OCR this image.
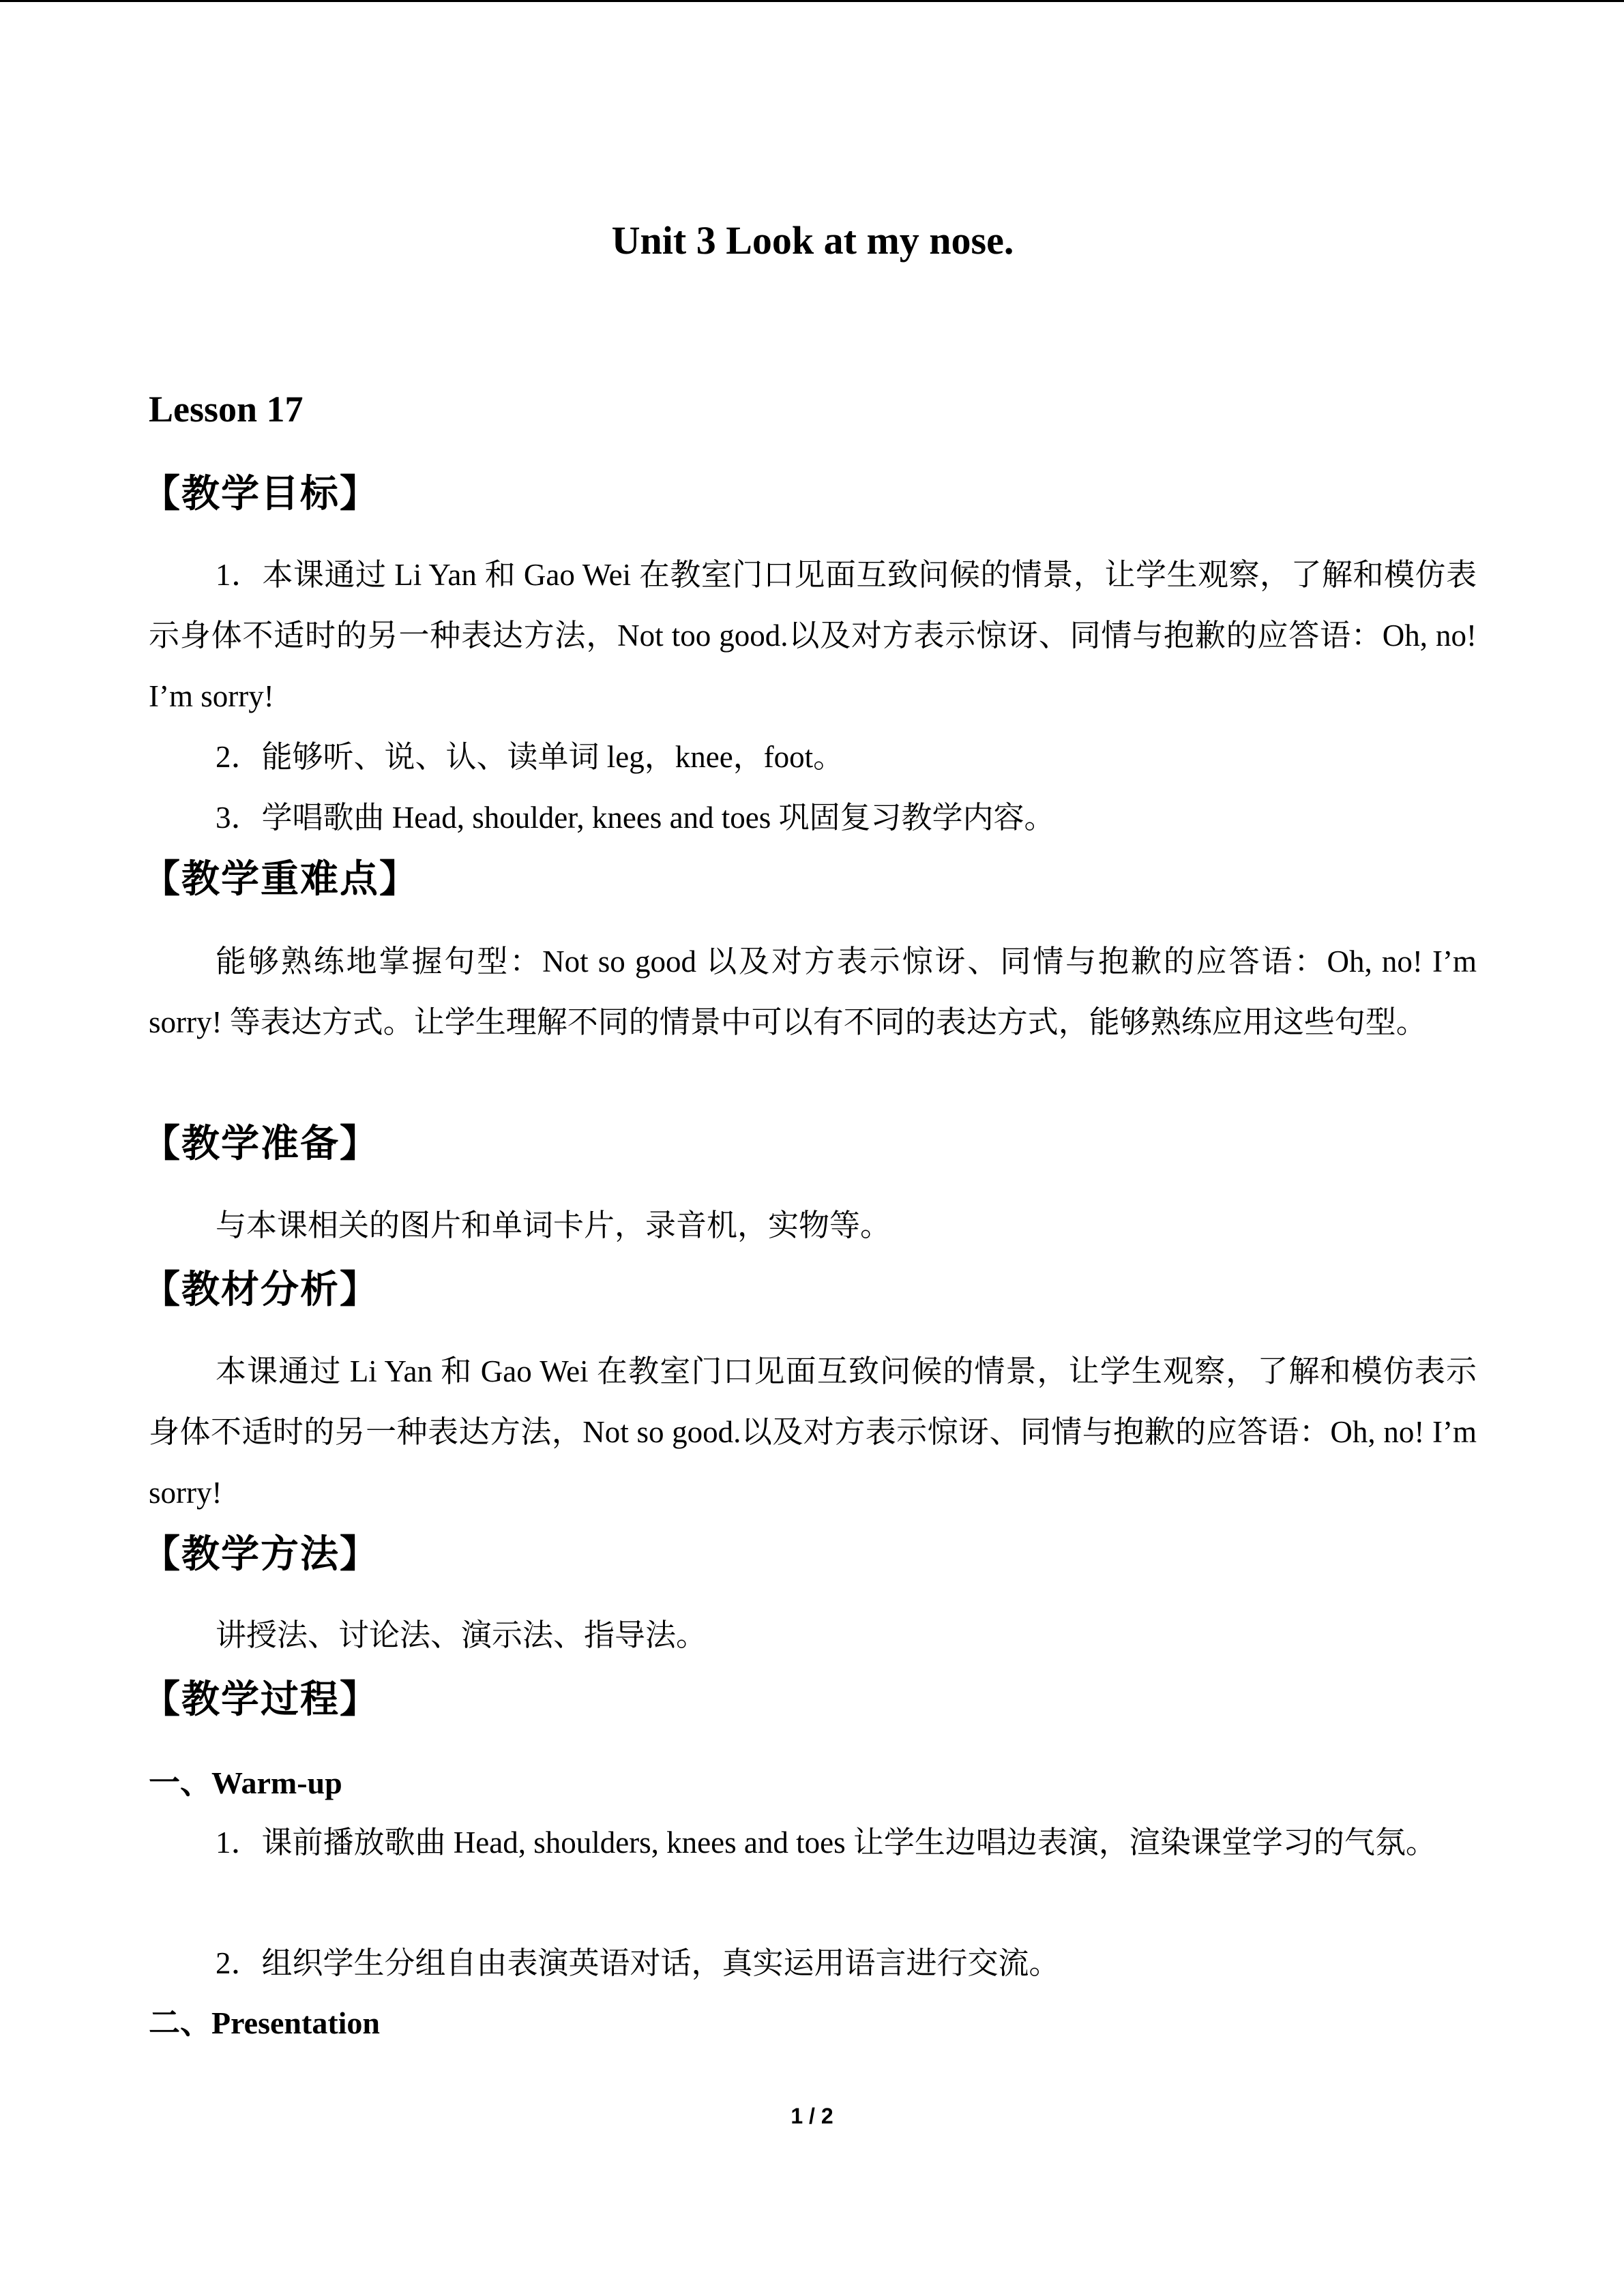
Unit 3 Look at my nose.
Lesson 17
【教学目标】
1．本课通过 Li Yan 和 Gao Wei 在教室门口见面互致问候的情景，让学生观察，了解和模仿表示身体不适时的另一种表达方法，Not too good.以及对方表示惊讶、同情与抱歉的应答语：Oh, no! I’m sorry!
2．能够听、说、认、读单词 leg，knee，foot。
3．学唱歌曲 Head, shoulder, knees and toes 巩固复习教学内容。
【教学重难点】
能够熟练地掌握句型：Not so good 以及对方表示惊讶、同情与抱歉的应答语：Oh, no! I’m sorry! 等表达方式。让学生理解不同的情景中可以有不同的表达方式，能够熟练应用这些句型。
【教学准备】
与本课相关的图片和单词卡片，录音机，实物等。
【教材分析】
本课通过 Li Yan 和 Gao Wei 在教室门口见面互致问候的情景，让学生观察，了解和模仿表示身体不适时的另一种表达方法，Not so good.以及对方表示惊讶、同情与抱歉的应答语：Oh, no! I’m sorry!
【教学方法】
讲授法、讨论法、演示法、指导法。
【教学过程】
一、Warm-up
1．课前播放歌曲 Head, shoulders, knees and toes 让学生边唱边表演，渲染课堂学习的气氛。
2．组织学生分组自由表演英语对话，真实运用语言进行交流。
二、Presentation
1 / 2
